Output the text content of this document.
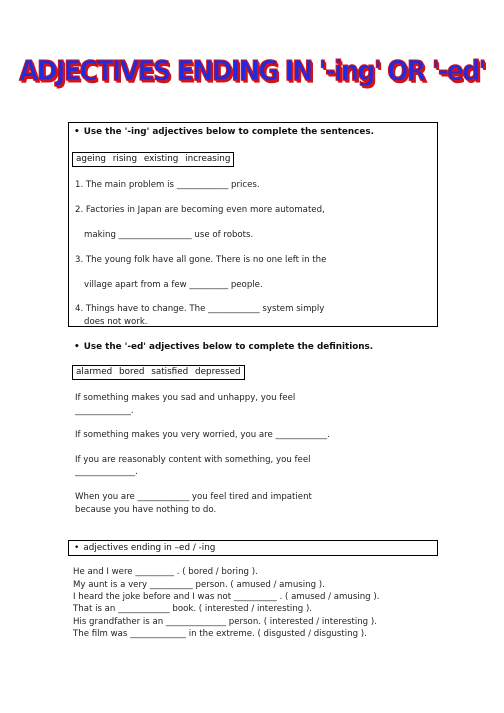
ADJECTIVES ENDING IN '-ing' OR '-ed'
• Use the '-ing' adjectives below to complete the sentences.
ageing rising existing increasing
1. The main problem is ____________ prices.
2. Factories in Japan are becoming even more automated,
making _________________ use of robots.
3. The young folk have all gone. There is no one left in the
village apart from a few _________ people.
4. Things have to change. The ____________ system simply
does not work.
• Use the '-ed' adjectives below to complete the definitions.
alarmed bored satisfied depressed
If something makes you sad and unhappy, you feel
_____________.
If something makes you very worried, you are ____________.
If you are reasonably content with something, you feel
______________.
When you are ____________ you feel tired and impatient
because you have nothing to do.
• adjectives ending in –ed / -ing
He and I were _________ . ( bored / boring ).
My aunt is a very __________ person. ( amused / amusing ).
I heard the joke before and I was not __________ . ( amused / amusing ).
That is an ____________ book. ( interested / interesting ).
His grandfather is an ______________ person. ( interested / interesting ).
The film was _____________ in the extreme. ( disgusted / disgusting ).
